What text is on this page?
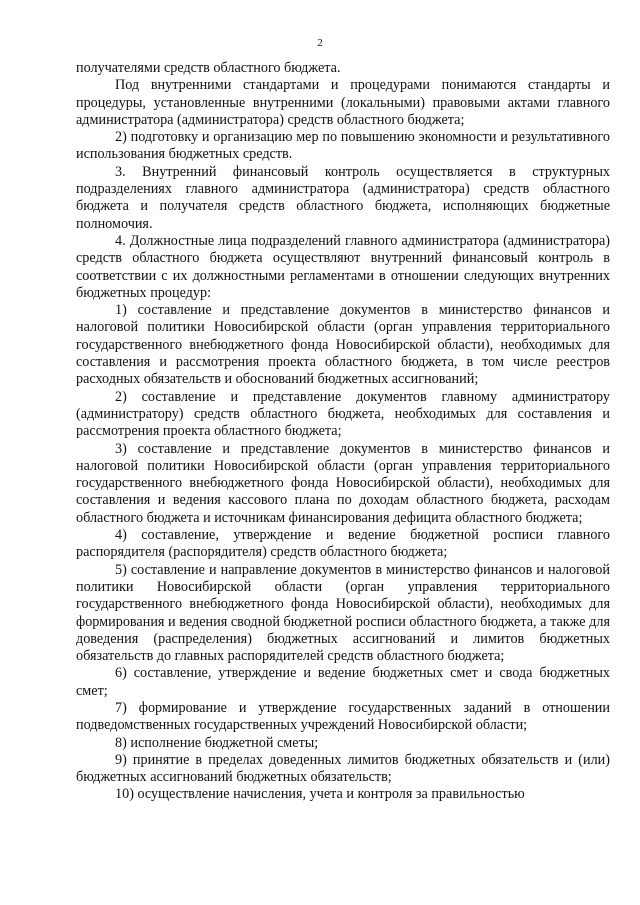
2

получателями средств областного бюджета.

Под внутренними стандартами и процедурами понимаются стандарты и процедуры, установленные внутренними (локальными) правовыми актами главного администратора (администратора) средств областного бюджета;

2) подготовку и организацию мер по повышению экономности и результативного использования бюджетных средств.

3. Внутренний финансовый контроль осуществляется в структурных подразделениях главного администратора (администратора) средств областного бюджета и получателя средств областного бюджета, исполняющих бюджетные полномочия.

4. Должностные лица подразделений главного администратора (администратора) средств областного бюджета осуществляют внутренний финансовый контроль в соответствии с их должностными регламентами в отношении следующих внутренних бюджетных процедур:

1) составление и представление документов в министерство финансов и налоговой политики Новосибирской области (орган управления территориального государственного внебюджетного фонда Новосибирской области), необходимых для составления и рассмотрения проекта областного бюджета, в том числе реестров расходных обязательств и обоснований бюджетных ассигнований;

2) составление и представление документов главному администратору (администратору) средств областного бюджета, необходимых для составления и рассмотрения проекта областного бюджета;

3) составление и представление документов в министерство финансов и налоговой политики Новосибирской области (орган управления территориального государственного внебюджетного фонда Новосибирской области), необходимых для составления и ведения кассового плана по доходам областного бюджета, расходам областного бюджета и источникам финансирования дефицита областного бюджета;

4) составление, утверждение и ведение бюджетной росписи главного распорядителя (распорядителя) средств областного бюджета;

5) составление и направление документов в министерство финансов и налоговой политики Новосибирской области (орган управления территориального государственного внебюджетного фонда Новосибирской области), необходимых для формирования и ведения сводной бюджетной росписи областного бюджета, а также для доведения (распределения) бюджетных ассигнований и лимитов бюджетных обязательств до главных распорядителей средств областного бюджета;

6) составление, утверждение и ведение бюджетных смет и свода бюджетных смет;

7) формирование и утверждение государственных заданий в отношении подведомственных государственных учреждений Новосибирской области;

8) исполнение бюджетной сметы;

9) принятие в пределах доведенных лимитов бюджетных обязательств и (или) бюджетных ассигнований бюджетных обязательств;

10) осуществление начисления, учета и контроля за правильностью
